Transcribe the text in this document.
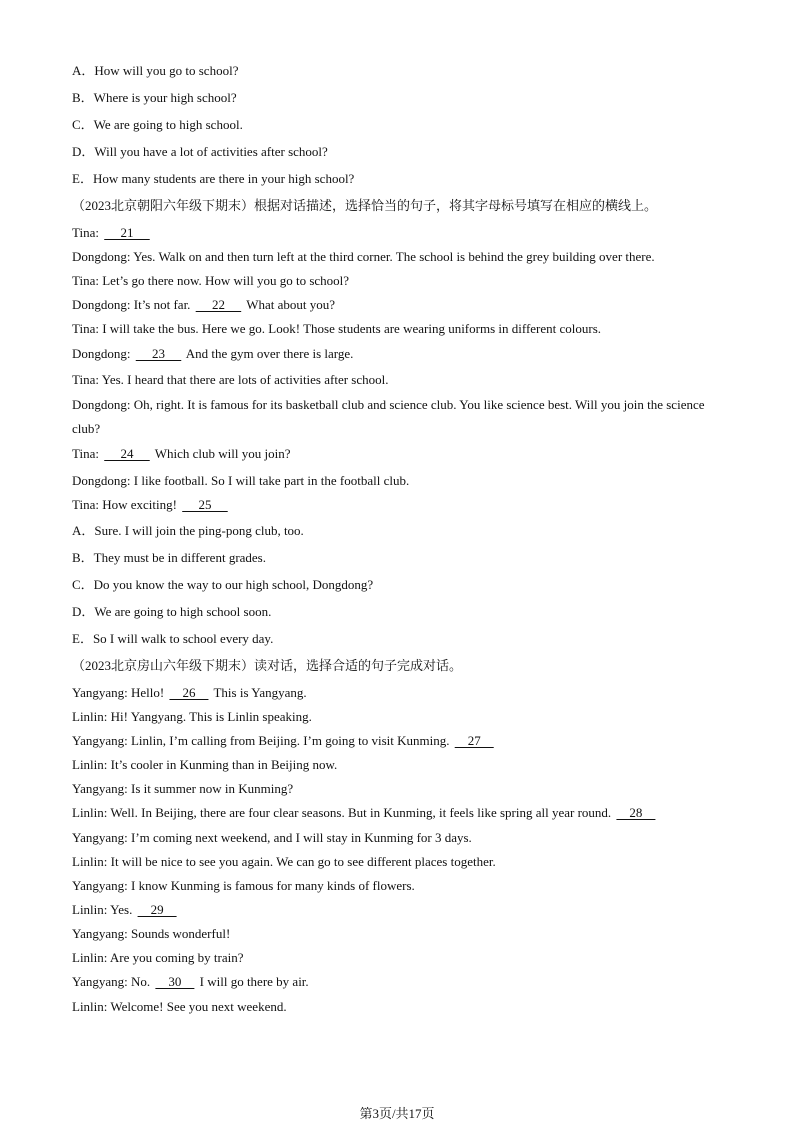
A．How will you go to school?
B．Where is your high school?
C．We are going to high school.
D．Will you have a lot of activities after school?
E．How many students are there in your high school?
（2023北京朝阳六年级下期末）根据对话描述，选择恰当的句子，将其字母标号填写在相应的横线上。
Tina:      21
Dongdong: Yes. Walk on and then turn left at the third corner. The school is behind the grey building over there.
Tina: Let’s go there now. How will you go to school?
Dongdong: It’s not far.      22      What about you?
Tina: I will take the bus. Here we go. Look! Those students are wearing uniforms in different colours.
Dongdong:      23      And the gym over there is large.
Tina: Yes. I heard that there are lots of activities after school.
Dongdong: Oh, right. It is famous for its basketball club and science club. You like science best. Will you join the science club?
Tina:      24      Which club will you join?
Dongdong: I like football. So I will take part in the football club.
Tina: How exciting!      25
A．Sure. I will join the ping-pong club, too.
B．They must be in different grades.
C．Do you know the way to our high school, Dongdong?
D．We are going to high school soon.
E．So I will walk to school every day.
（2023北京房山六年级下期末）读对话，选择合适的句子完成对话。
Yangyang: Hello!     26     This is Yangyang.
Linlin: Hi! Yangyang. This is Linlin speaking.
Yangyang: Linlin, I’m calling from Beijing. I’m going to visit Kunming.     27
Linlin: It’s cooler in Kunming than in Beijing now.
Yangyang: Is it summer now in Kunming?
Linlin: Well. In Beijing, there are four clear seasons. But in Kunming, it feels like spring all year round.     28
Yangyang: I’m coming next weekend, and I will stay in Kunming for 3 days.
Linlin: It will be nice to see you again. We can go to see different places together.
Yangyang: I know Kunming is famous for many kinds of flowers.
Linlin: Yes.     29
Yangyang: Sounds wonderful!
Linlin: Are you coming by train?
Yangyang: No.     30     I will go there by air.
Linlin: Welcome! See you next weekend.
第3页/共17页
